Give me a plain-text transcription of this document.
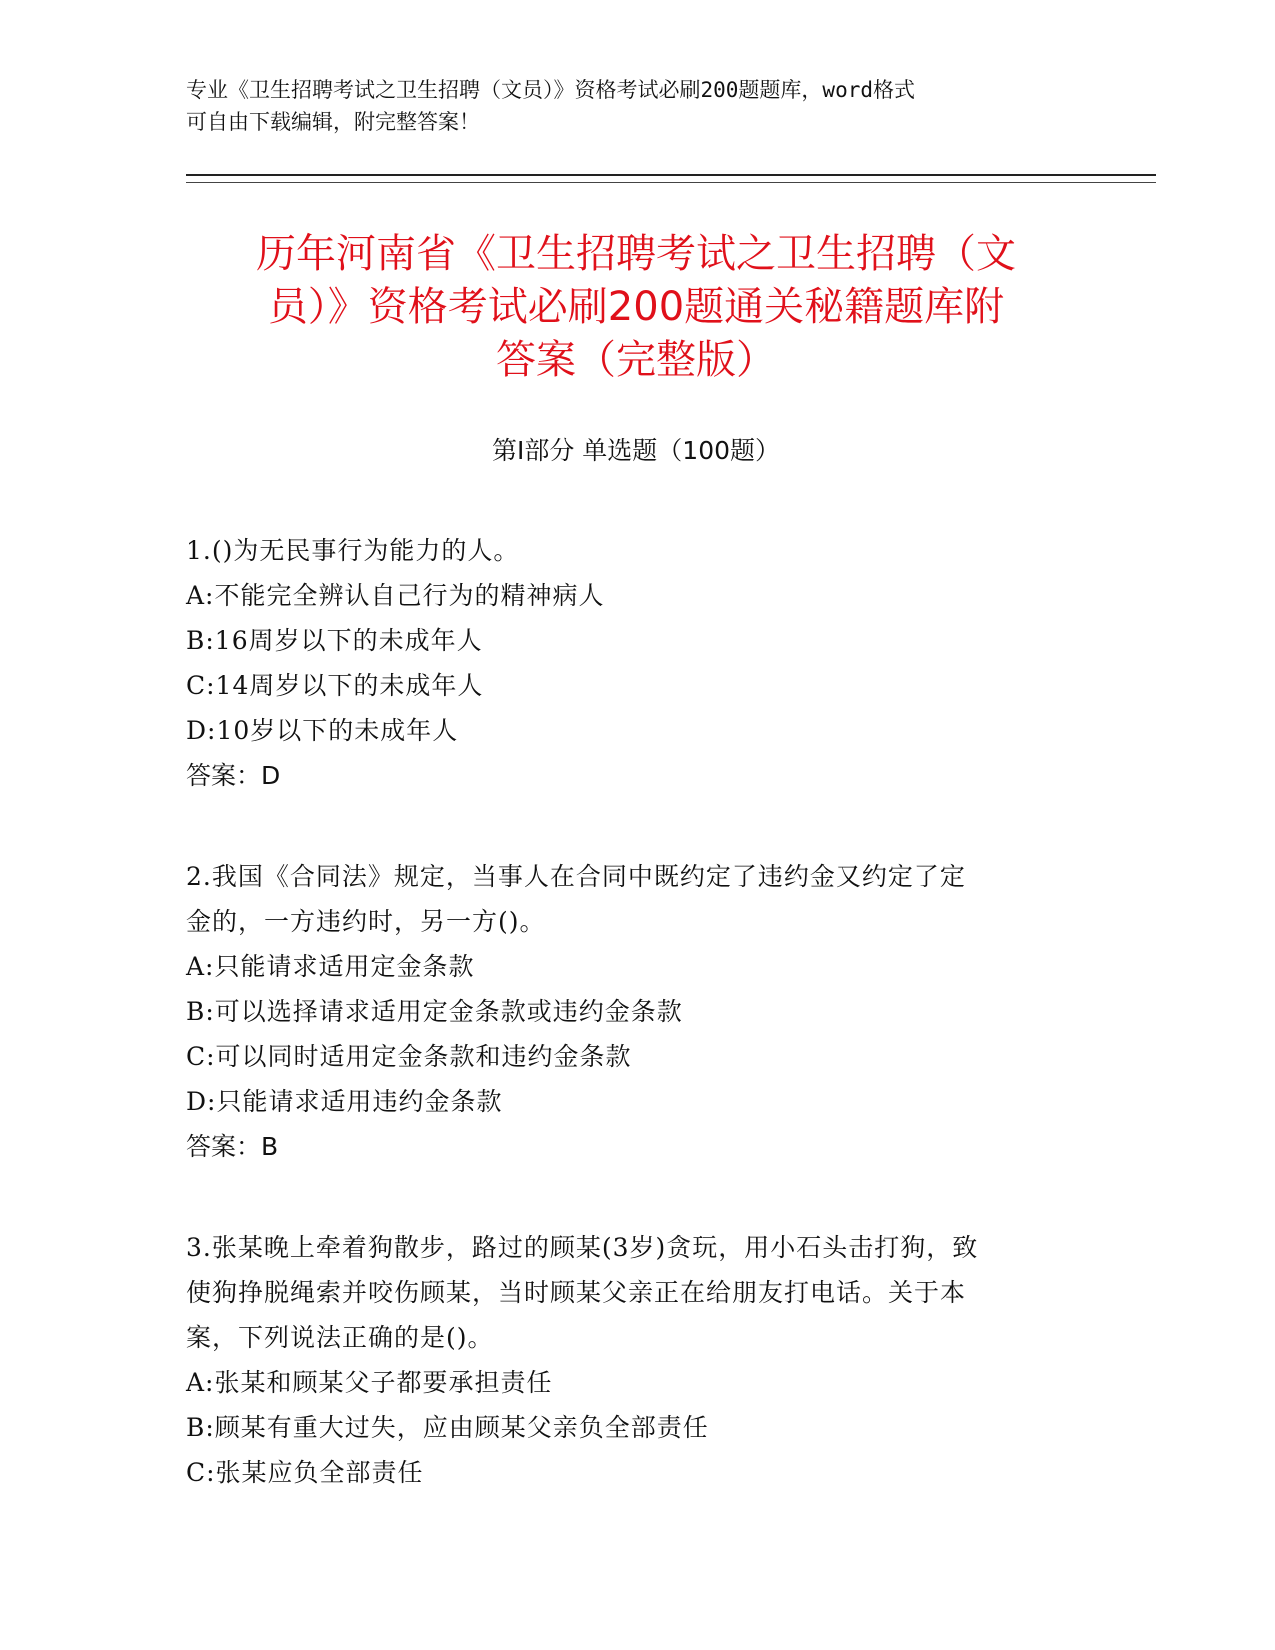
专业《卫生招聘考试之卫生招聘（文员）》资格考试必刷200题题库，word格式
可自由下载编辑，附完整答案！
历年河南省《卫生招聘考试之卫生招聘（文
员）》资格考试必刷200题通关秘籍题库附
答案（完整版）
第Ⅰ部分 单选题（100题）
1.()为无民事行为能力的人。
A:不能完全辨认自己行为的精神病人
B:16周岁以下的未成年人
C:14周岁以下的未成年人
D:10岁以下的未成年人
答案：D
2.我国《合同法》规定，当事人在合同中既约定了违约金又约定了定
金的，一方违约时，另一方()。
A:只能请求适用定金条款
B:可以选择请求适用定金条款或违约金条款
C:可以同时适用定金条款和违约金条款
D:只能请求适用违约金条款
答案：B
3.张某晚上牵着狗散步，路过的顾某(3岁)贪玩，用小石头击打狗，致
使狗挣脱绳索并咬伤顾某，当时顾某父亲正在给朋友打电话。关于本
案，下列说法正确的是()。
A:张某和顾某父子都要承担责任
B:顾某有重大过失，应由顾某父亲负全部责任
C:张某应负全部责任
